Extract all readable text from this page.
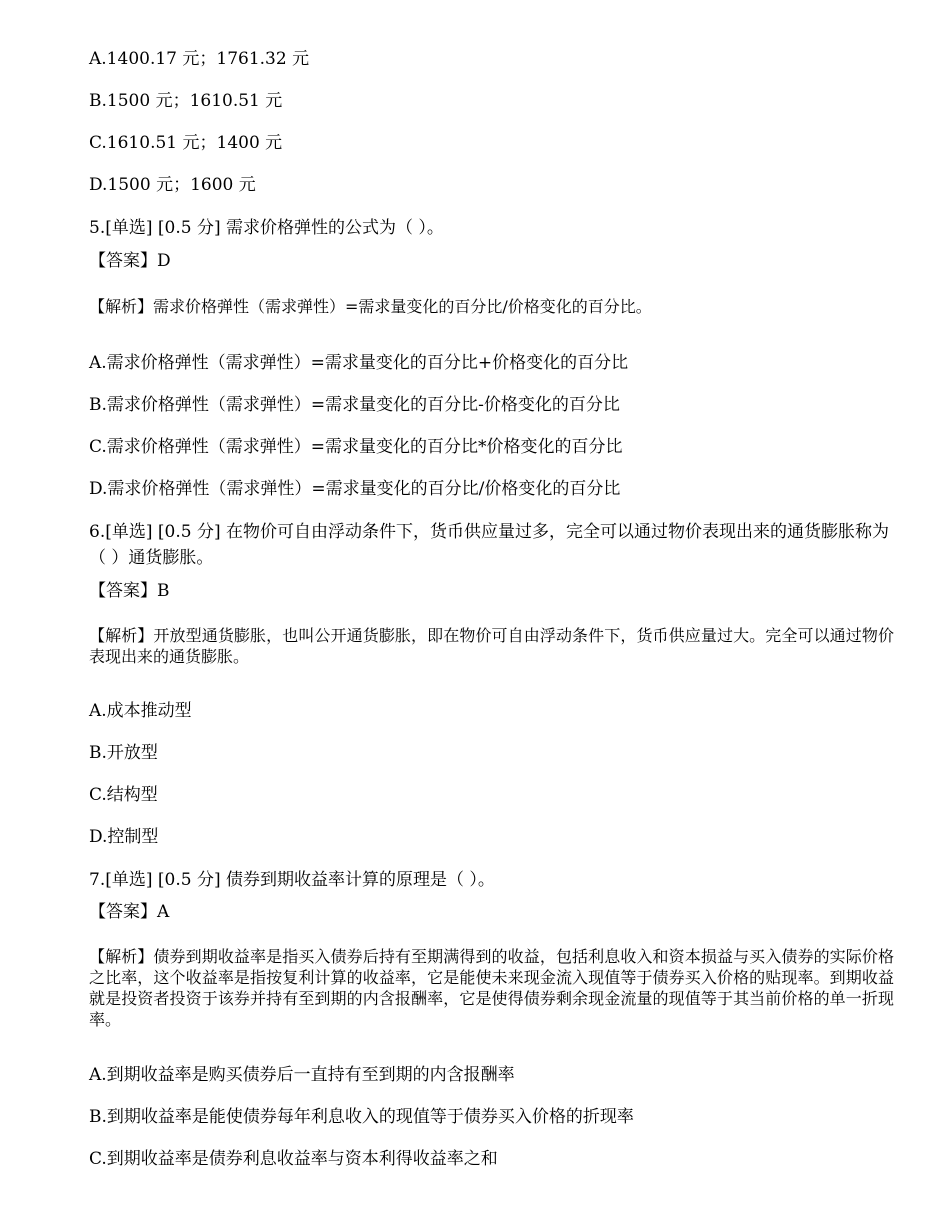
A.1400.17 元；1761.32 元
B.1500 元；1610.51 元
C.1610.51 元；1400 元
D.1500 元；1600 元
5.[单选] [0.5 分] 需求价格弹性的公式为（ ）。
【答案】D
【解析】需求价格弹性（需求弹性）=需求量变化的百分比/价格变化的百分比。
A.需求价格弹性（需求弹性）=需求量变化的百分比+价格变化的百分比
B.需求价格弹性（需求弹性）=需求量变化的百分比-价格变化的百分比
C.需求价格弹性（需求弹性）=需求量变化的百分比*价格变化的百分比
D.需求价格弹性（需求弹性）=需求量变化的百分比/价格变化的百分比
6.[单选] [0.5 分] 在物价可自由浮动条件下，货币供应量过多，完全可以通过物价表现出来的通货膨胀称为（ ）通货膨胀。
【答案】B
【解析】开放型通货膨胀，也叫公开通货膨胀，即在物价可自由浮动条件下，货币供应量过大。完全可以通过物价表现出来的通货膨胀。
A.成本推动型
B.开放型
C.结构型
D.控制型
7.[单选] [0.5 分] 债券到期收益率计算的原理是（ ）。
【答案】A
【解析】债券到期收益率是指买入债券后持有至期满得到的收益，包括利息收入和资本损益与买入债券的实际价格之比率，这个收益率是指按复利计算的收益率，它是能使未来现金流入现值等于债券买入价格的贴现率。到期收益就是投资者投资于该券并持有至到期的内含报酬率，它是使得债券剩余现金流量的现值等于其当前价格的单一折现率。
A.到期收益率是购买债券后一直持有至到期的内含报酬率
B.到期收益率是能使债券每年利息收入的现值等于债券买入价格的折现率
C.到期收益率是债券利息收益率与资本利得收益率之和
